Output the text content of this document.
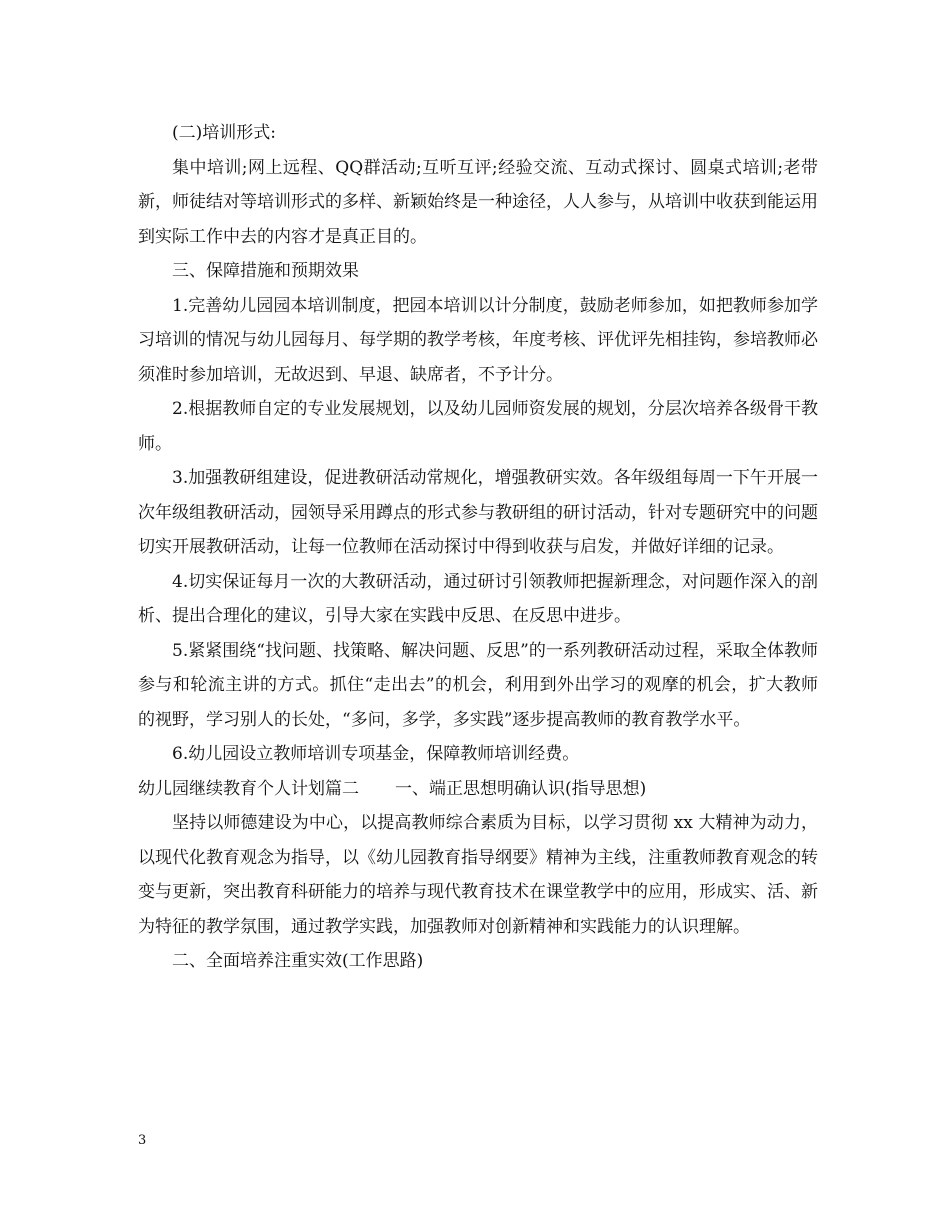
(二)培训形式:

集中培训;网上远程、QQ群活动;互听互评;经验交流、互动式探讨、圆桌式培训;老带新，师徒结对等培训形式的多样、新颖始终是一种途径，人人参与，从培训中收获到能运用到实际工作中去的内容才是真正目的。

三、保障措施和预期效果

1.完善幼儿园园本培训制度，把园本培训以计分制度，鼓励老师参加，如把教师参加学习培训的情况与幼儿园每月、每学期的教学考核，年度考核、评优评先相挂钩，参培教师必须准时参加培训，无故迟到、早退、缺席者，不予计分。

2.根据教师自定的专业发展规划，以及幼儿园师资发展的规划，分层次培养各级骨干教师。

3.加强教研组建设，促进教研活动常规化，增强教研实效。各年级组每周一下午开展一次年级组教研活动，园领导采用蹲点的形式参与教研组的研讨活动，针对专题研究中的问题切实开展教研活动，让每一位教师在活动探讨中得到收获与启发，并做好详细的记录。

4.切实保证每月一次的大教研活动，通过研讨引领教师把握新理念，对问题作深入的剖析、提出合理化的建议，引导大家在实践中反思、在反思中进步。

5.紧紧围绕“找问题、找策略、解决问题、反思”的一系列教研活动过程，采取全体教师参与和轮流主讲的方式。抓住“走出去”的机会，利用到外出学习的观摩的机会，扩大教师的视野，学习别人的长处，“多问，多学，多实践”逐步提高教师的教育教学水平。

6.幼儿园设立教师培训专项基金，保障教师培训经费。

幼儿园继续教育个人计划篇二 一、端正思想明确认识(指导思想)

坚持以师德建设为中心，以提高教师综合素质为目标，以学习贯彻 xx 大精神为动力，以现代化教育观念为指导，以《幼儿园教育指导纲要》精神为主线，注重教师教育观念的转变与更新，突出教育科研能力的培养与现代教育技术在课堂教学中的应用，形成实、活、新为特征的教学氛围，通过教学实践，加强教师对创新精神和实践能力的认识理解。

二、全面培养注重实效(工作思路)

3
